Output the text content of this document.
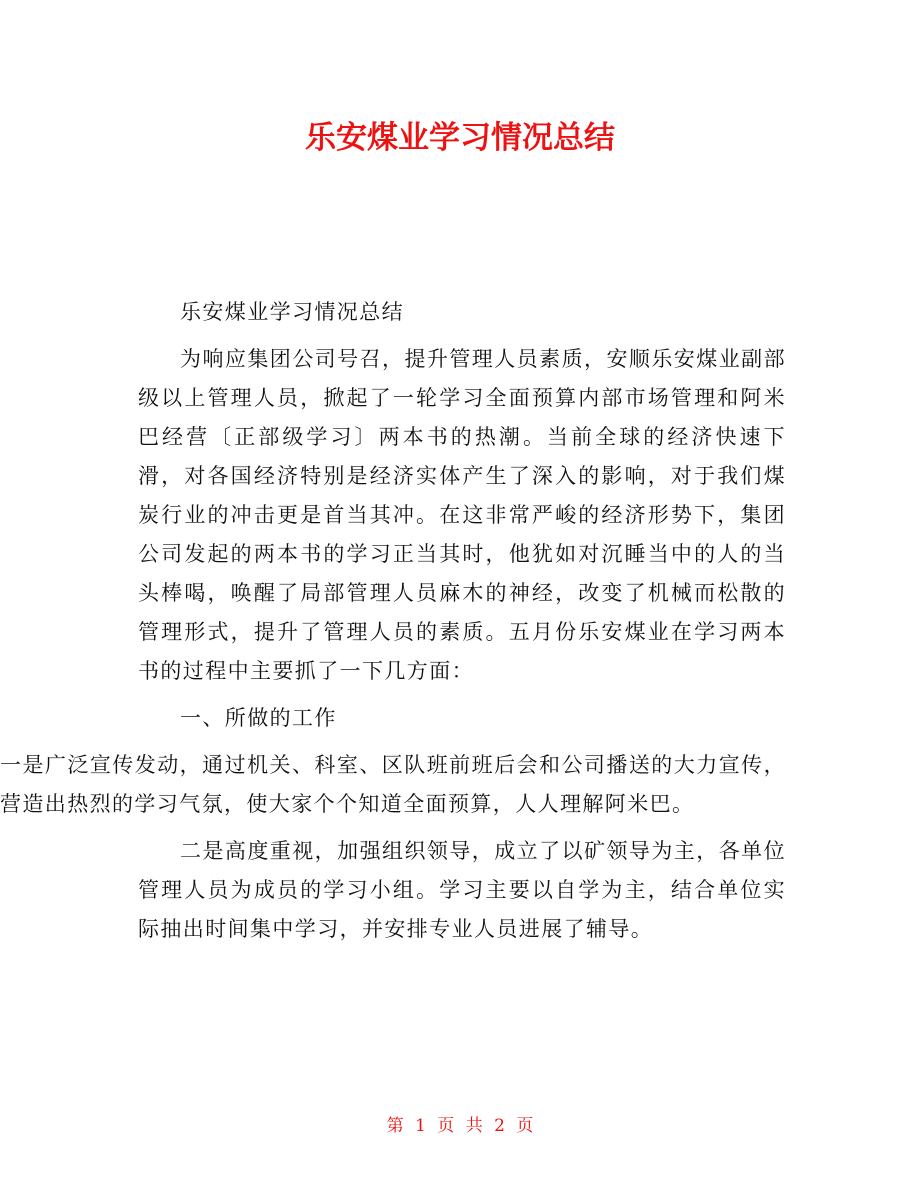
乐安煤业学习情况总结

乐安煤业学习情况总结

为响应集团公司号召，提升管理人员素质，安顺乐安煤业副部级以上管理人员，掀起了一轮学习全面预算内部市场管理和阿米巴经营〔正部级学习〕两本书的热潮。当前全球的经济快速下滑，对各国经济特别是经济实体产生了深入的影响，对于我们煤炭行业的冲击更是首当其冲。在这非常严峻的经济形势下，集团公司发起的两本书的学习正当其时，他犹如对沉睡当中的人的当头棒喝，唤醒了局部管理人员麻木的神经，改变了机械而松散的管理形式，提升了管理人员的素质。五月份乐安煤业在学习两本书的过程中主要抓了一下几方面：

一、所做的工作

一是广泛宣传发动，通过机关、科室、区队班前班后会和公司播送的大力宣传，营造出热烈的学习气氛，使大家个个知道全面预算，人人理解阿米巴。

二是高度重视，加强组织领导，成立了以矿领导为主，各单位管理人员为成员的学习小组。学习主要以自学为主，结合单位实际抽出时间集中学习，并安排专业人员进展了辅导。

第 1 页 共 2 页
